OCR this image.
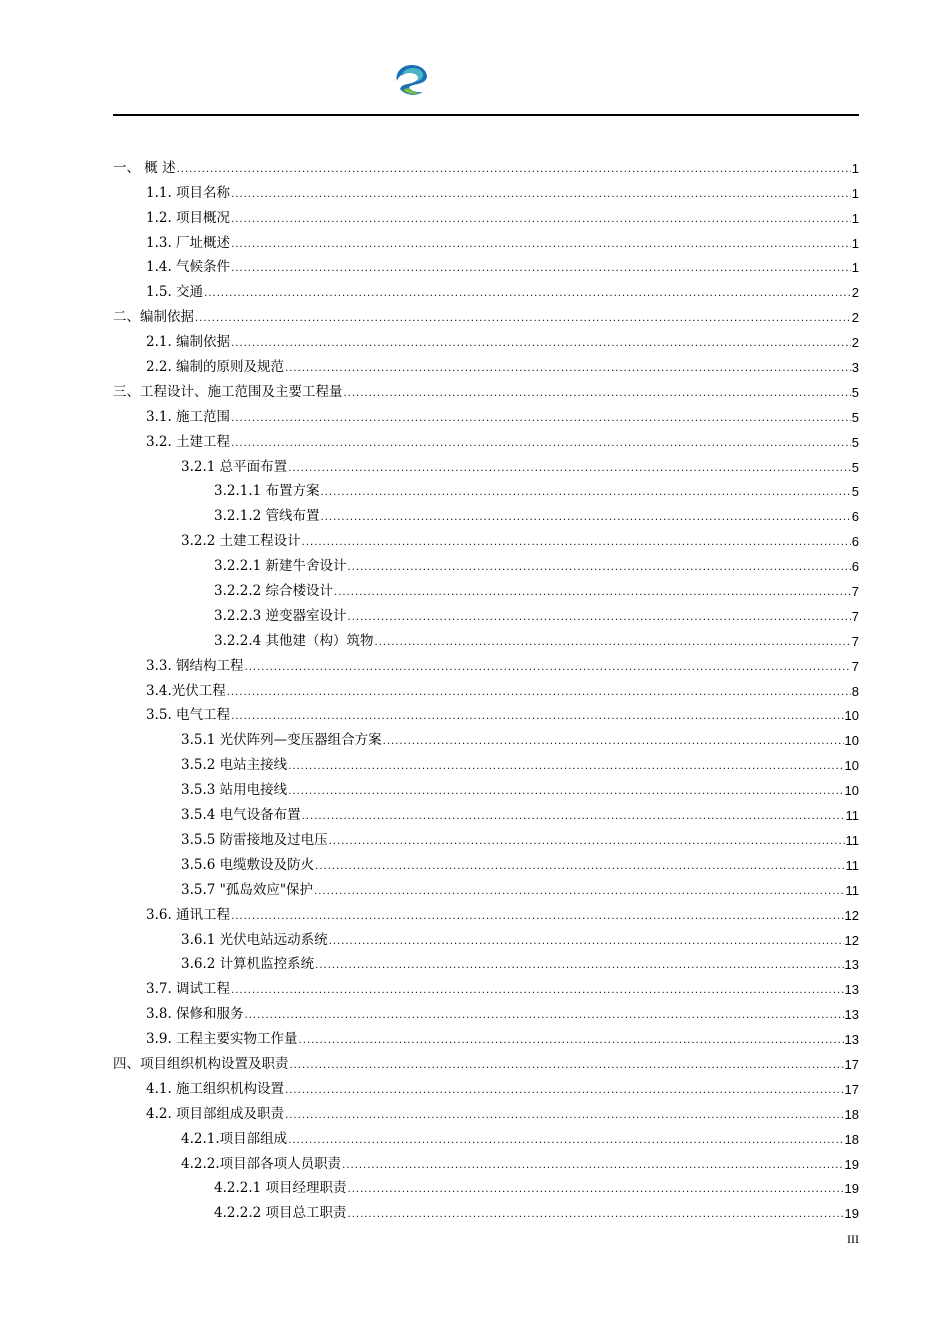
一、 概 述 .....	1
1.1. 项目名称 .....	1
1.2. 项目概况 .....	1
1.3. 厂址概述 .....	1
1.4. 气候条件 .....	1
1.5. 交通 .....	2
二、编制依据 .....	2
2.1. 编制依据 .....	2
2.2. 编制的原则及规范 .....	3
三、工程设计、施工范围及主要工程量 .....	5
3.1. 施工范围 .....	5
3.2. 土建工程 .....	5
3.2.1 总平面布置 .....	5
3.2.1.1 布置方案 .....	5
3.2.1.2 管线布置 .....	6
3.2.2 土建工程设计 .....	6
3.2.2.1 新建牛舍设计 .....	6
3.2.2.2 综合楼设计 .....	7
3.2.2.3 逆变器室设计 .....	7
3.2.2.4 其他建（构）筑物 .....	7
3.3. 钢结构工程 .....	7
3.4.光伏工程 .....	8
3.5. 电气工程 .....	10
3.5.1 光伏阵列—变压器组合方案 .....	10
3.5.2 电站主接线 .....	10
3.5.3 站用电接线 .....	10
3.5.4 电气设备布置 .....	11
3.5.5 防雷接地及过电压 .....	11
3.5.6 电缆敷设及防火 .....	11
3.5.7 "孤岛效应"保护 .....	11
3.6. 通讯工程 .....	12
3.6.1 光伏电站远动系统 .....	12
3.6.2 计算机监控系统 .....	13
3.7. 调试工程 .....	13
3.8. 保修和服务 .....	13
3.9. 工程主要实物工作量 .....	13
四、项目组织机构设置及职责 .....	17
4.1. 施工组织机构设置 .....	17
4.2. 项目部组成及职责 .....	18
4.2.1.项目部组成 .....	18
4.2.2.项目部各项人员职责 .....	19
4.2.2.1 项目经理职责 .....	19
4.2.2.2 项目总工职责 .....	19
III
